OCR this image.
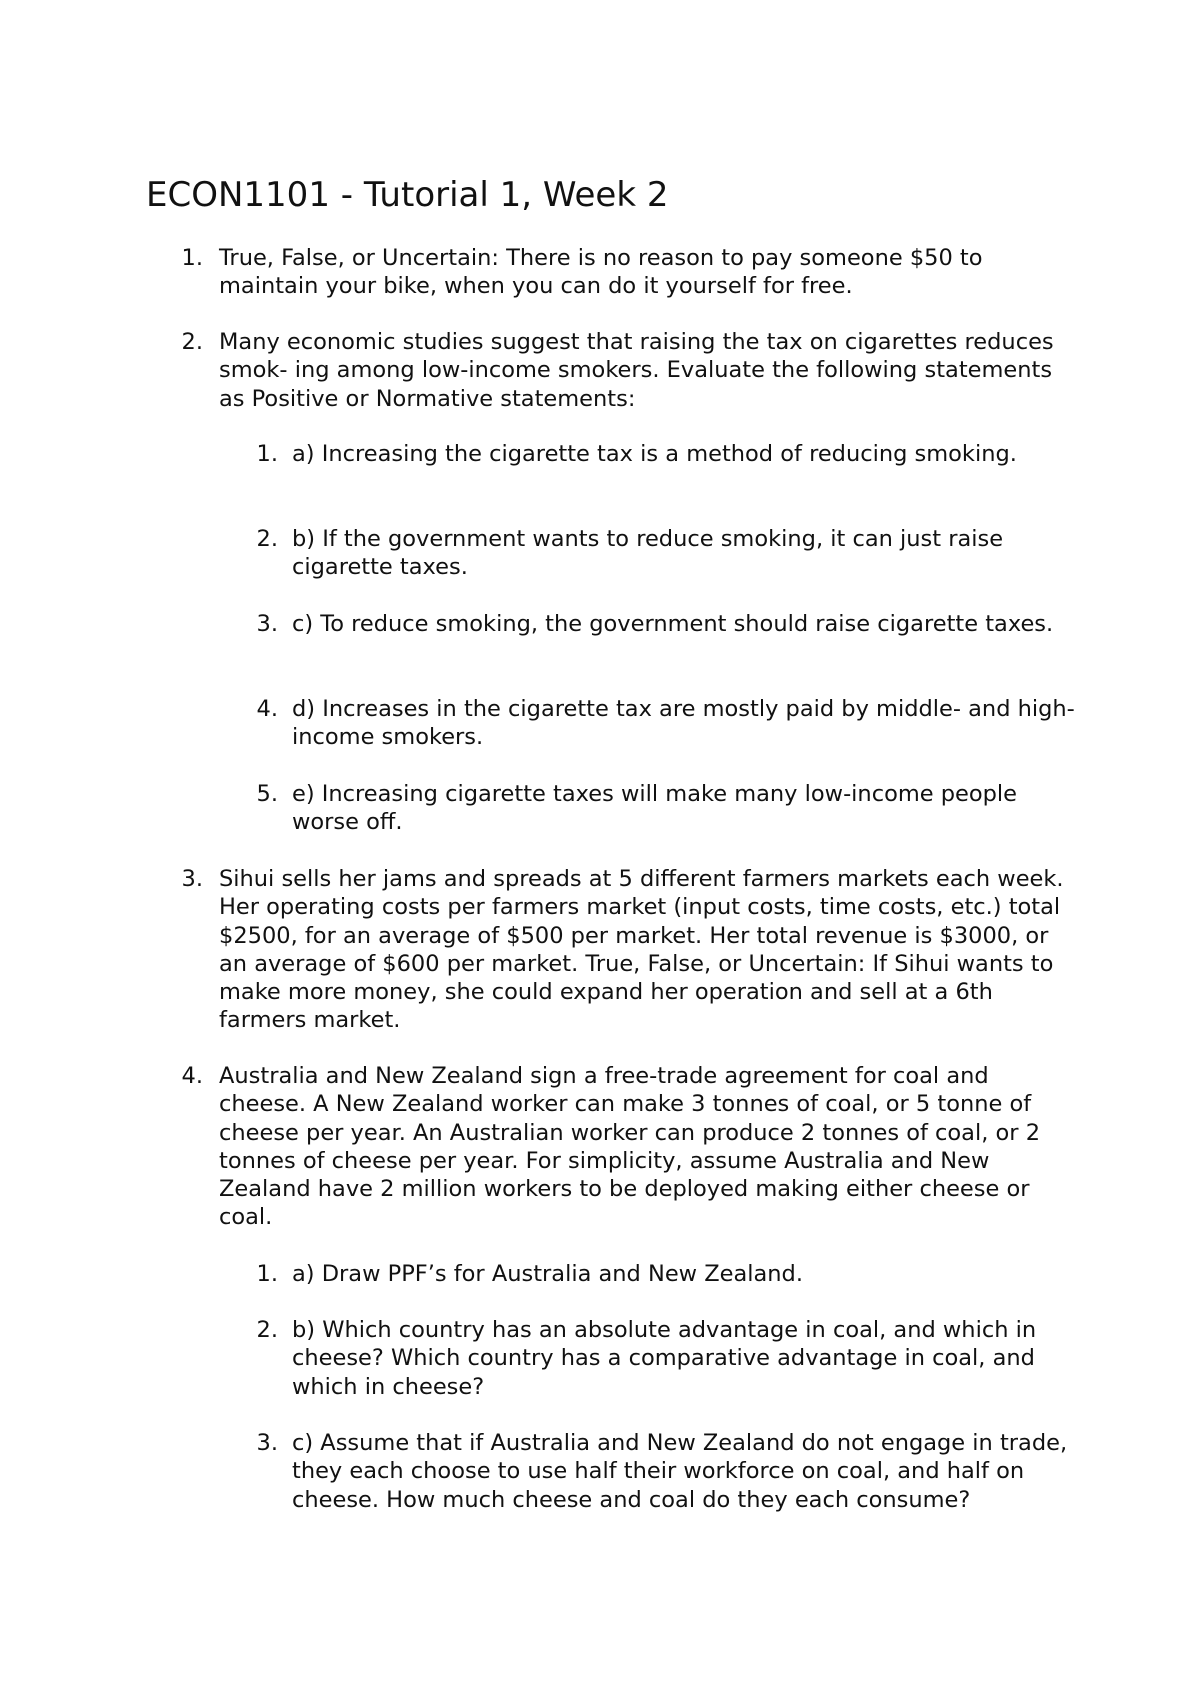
ECON1101 - Tutorial 1, Week 2
1. True, False, or Uncertain: There is no reason to pay someone $50 to maintain your bike, when you can do it yourself for free.
2. Many economic studies suggest that raising the tax on cigarettes reduces smok- ing among low-income smokers. Evaluate the following statements as Positive or Normative statements:
1. a) Increasing the cigarette tax is a method of reducing smoking.
2. b) If the government wants to reduce smoking, it can just raise cigarette taxes.
3. c) To reduce smoking, the government should raise cigarette taxes.
4. d) Increases in the cigarette tax are mostly paid by middle- and high-income smokers.
5. e) Increasing cigarette taxes will make many low-income people worse off.
3. Sihui sells her jams and spreads at 5 different farmers markets each week. Her operating costs per farmers market (input costs, time costs, etc.) total $2500, for an average of $500 per market. Her total revenue is $3000, or an average of $600 per market. True, False, or Uncertain: If Sihui wants to make more money, she could expand her operation and sell at a 6th farmers market.
4. Australia and New Zealand sign a free-trade agreement for coal and cheese. A New Zealand worker can make 3 tonnes of coal, or 5 tonne of cheese per year. An Australian worker can produce 2 tonnes of coal, or 2 tonnes of cheese per year. For simplicity, assume Australia and New Zealand have 2 million workers to be deployed making either cheese or coal.
1. a) Draw PPF’s for Australia and New Zealand.
2. b) Which country has an absolute advantage in coal, and which in cheese? Which country has a comparative advantage in coal, and which in cheese?
3. c) Assume that if Australia and New Zealand do not engage in trade, they each choose to use half their workforce on coal, and half on cheese. How much cheese and coal do they each consume?
